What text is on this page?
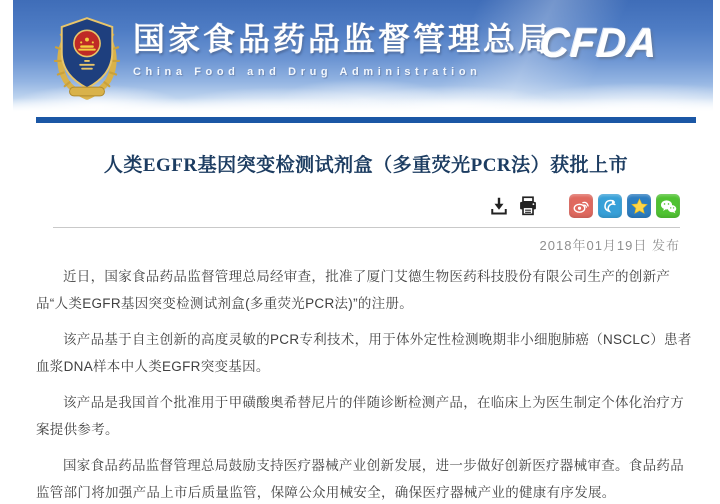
国家食品药品监督管理总局
China Food and Drug Administration
CFDA
人类EGFR基因突变检测试剂盒（多重荧光PCR法）获批上市
2018年01月19日 发布

近日，国家食品药品监督管理总局经审查，批准了厦门艾德生物医药科技股份有限公司生产的创新产品“人类EGFR基因突变检测试剂盒(多重荧光PCR法)”的注册。

该产品基于自主创新的高度灵敏的PCR专利技术，用于体外定性检测晚期非小细胞肺癌（NSCLC）患者血浆DNA样本中人类EGFR突变基因。

该产品是我国首个批准用于甲磺酸奥希替尼片的伴随诊断检测产品，在临床上为医生制定个体化治疗方案提供参考。

国家食品药品监督管理总局鼓励支持医疗器械产业创新发展，进一步做好创新医疗器械审查。食品药品监管部门将加强产品上市后质量监管，保障公众用械安全，确保医疗器械产业的健康有序发展。
